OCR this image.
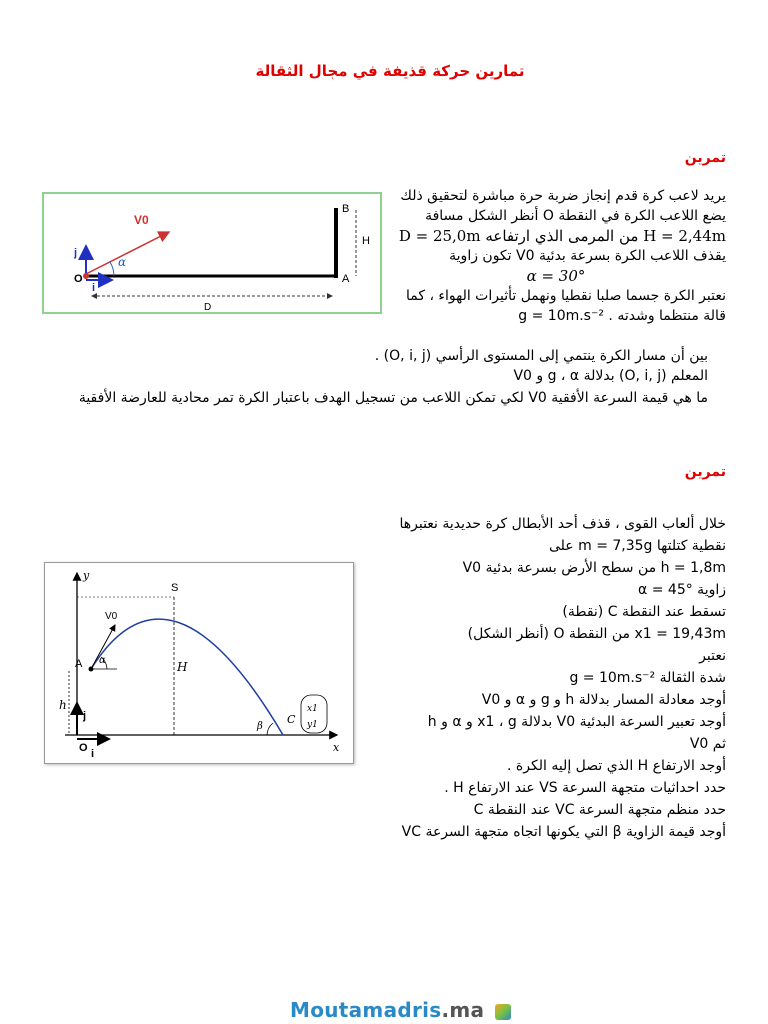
تمارين حركة قذيفة في مجال الثقالة
تمرين
O	A
B
H
D
V0
α
i
j
يريد لاعب كرة قدم إنجاز ضربة حرة مباشرة لتحقيق ذلك
يضع اللاعب الكرة في النقطة O أنظر الشكل مسافة
H = 2,44m من المرمى الذي ارتفاعه D = 25,0m
يقذف اللاعب الكرة بسرعة بدئية V0 تكون زاوية
α = 30°
نعتبر الكرة جسما صلبا نقطيا ونهمل تأثيرات الهواء ، كما
قالة منتظما وشدته . g = 10m.s⁻²
بين أن مسار الكرة ينتمي إلى المستوى الرأسي (O, i, j) .
المعلم (O, i, j) بدلالة g ، α و V0
ما هي قيمة السرعة الأفقية V0 لكي تمكن اللاعب من تسجيل الهدف باعتبار الكرة تمر محادية للعارضة الأفقية
تمرين
y
x
S
A
O
H
h
C
x1
y1
V0
α
β
i
j
خلال ألعاب القوى ، قذف أحد الأبطال كرة حديدية نعتبرها
نقطية كتلتها m = 7,35g على
h = 1,8m من سطح الأرض بسرعة بدئية V0
زاوية α = 45°
تسقط عند النقطة C (نقطة)
x1 = 19,43m من النقطة O (أنظر الشكل)
نعتبر
شدة الثقالة g = 10m.s⁻²
أوجد معادلة المسار بدلالة h و g و α و V0
أوجد تعبير السرعة البدئية V0 بدلالة x1 ، g و α و h
ثم V0
أوجد الارتفاع H الذي تصل إليه الكرة .
حدد احداثيات متجهة السرعة VS عند الارتفاع H .
حدد منظم متجهة السرعة VC عند النقطة C
أوجد قيمة الزاوية β التي يكونها اتجاه متجهة السرعة VC
Moutamadris.ma
